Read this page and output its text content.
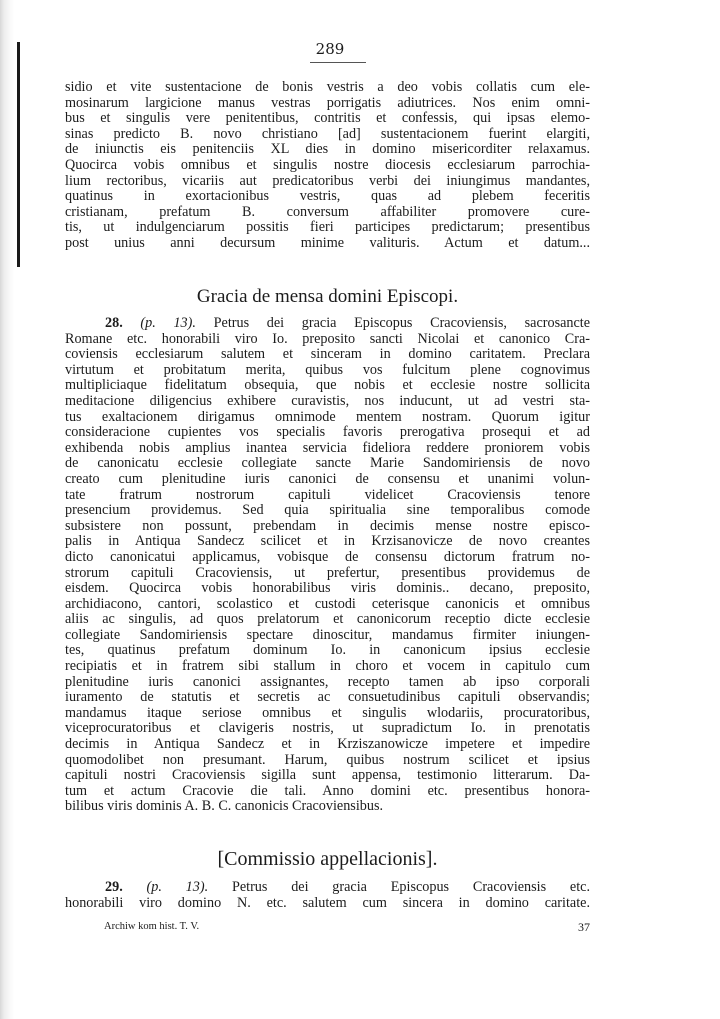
289
sidio et vite sustentacione de bonis vestris a deo vobis collatis cum ele-
mosinarum largicione manus vestras porrigatis adiutrices. Nos enim omni-
bus et singulis vere penitentibus, contritis et confessis, qui ipsas elemo-
sinas predicto B. novo christiano [ad] sustentacionem fuerint elargiti,
de iniunctis eis penitenciis XL dies in domino misericorditer relaxamus.
Quocirca vobis omnibus et singulis nostre diocesis ecclesiarum parrochia-
lium rectoribus, vicariis aut predicatoribus verbi dei iniungimus mandantes,
quatinus in exortacionibus vestris, quas ad plebem feceritis
cristianam, prefatum B. conversum affabiliter promovere cure-
tis, ut indulgenciarum possitis fieri participes predictarum; presentibus
post unius anni decursum minime valituris. Actum et datum...
Gracia de mensa domini Episcopi.
28. (p. 13). Petrus dei gracia Episcopus Cracoviensis, sacrosancte
Romane etc. honorabili viro Io. preposito sancti Nicolai et canonico Cra-
coviensis ecclesiarum salutem et sinceram in domino caritatem. Preclara
virtutum et probitatum merita, quibus vos fulcitum plene cognovimus
multipliciaque fidelitatum obsequia, que nobis et ecclesie nostre sollicita
meditacione diligencius exhibere curavistis, nos inducunt, ut ad vestri sta-
tus exaltacionem dirigamus omnimode mentem nostram. Quorum igitur
consideracione cupientes vos specialis favoris prerogativa prosequi et ad
exhibenda nobis amplius inantea servicia fideliora reddere proniorem vobis
de canonicatu ecclesie collegiate sancte Marie Sandomiriensis de novo
creato cum plenitudine iuris canonici de consensu et unanimi volun-
tate fratrum nostrorum capituli videlicet Cracoviensis tenore
presencium providemus. Sed quia spiritualia sine temporalibus comode
subsistere non possunt, prebendam in decimis mense nostre episco-
palis in Antiqua Sandecz scilicet et in Krzisanovicze de novo creantes
dicto canonicatui applicamus, vobisque de consensu dictorum fratrum no-
strorum capituli Cracoviensis, ut prefertur, presentibus providemus de
eisdem. Quocirca vobis honorabilibus viris dominis.. decano, preposito,
archidiacono, cantori, scolastico et custodi ceterisque canonicis et omnibus
aliis ac singulis, ad quos prelatorum et canonicorum receptio dicte ecclesie
collegiate Sandomiriensis spectare dinoscitur, mandamus firmiter iniungen-
tes, quatinus prefatum dominum Io. in canonicum ipsius ecclesie
recipiatis et in fratrem sibi stallum in choro et vocem in capitulo cum
plenitudine iuris canonici assignantes, recepto tamen ab ipso corporali
iuramento de statutis et secretis ac consuetudinibus capituli observandis;
mandamus itaque seriose omnibus et singulis wlodariis, procuratoribus,
viceprocuratoribus et clavigeris nostris, ut supradictum Io. in prenotatis
decimis in Antiqua Sandecz et in Krziszanowicze impetere et impedire
quomodolibet non presumant. Harum, quibus nostrum scilicet et ipsius
capituli nostri Cracoviensis sigilla sunt appensa, testimonio litterarum. Da-
tum et actum Cracovie die tali. Anno domini etc. presentibus honora-
bilibus viris dominis A. B. C. canonicis Cracoviensibus.
[Commissio appellacionis].
29. (p. 13). Petrus dei gracia Episcopus Cracoviensis etc.
honorabili viro domino N. etc. salutem cum sincera in domino caritate.
Archiw kom hist. T. V.	37
